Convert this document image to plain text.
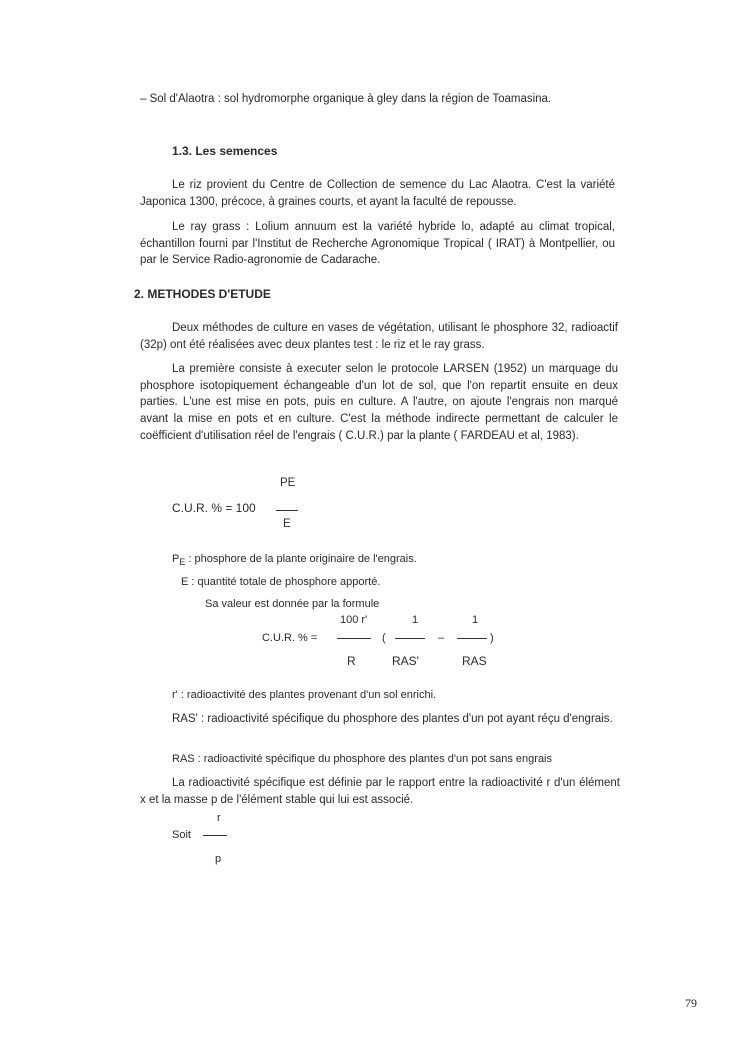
– Sol d'Alaotra : sol hydromorphe organique à gley dans la région de Toamasina.
1.3. Les semences
Le riz provient du Centre de Collection de semence du Lac Alaotra. C'est la variété Japonica 1300, précoce, à graines courts, et ayant la faculté de repousse.
Le ray grass : Lolium annuum est la variété hybride lo, adapté au climat tropical, échantillon fourni par l'Institut de Recherche Agronomique Tropical ( IRAT) à Montpellier, ou par le Service Radio-agronomie de Cadarache.
2. METHODES D'ETUDE
Deux méthodes de culture en vases de végétation, utilisant le phosphore 32, radioactif (32p) ont été réalisées avec deux plantes test : le riz et le ray grass.
La première consiste à executer selon le protocole LARSEN (1952) un marquage du phosphore isotopiquement échangeable d'un lot de sol, que l'on repartit ensuite en deux parties. L'une est mise en pots, puis en culture. A l'autre, on ajoute l'engrais non marqué avant la mise en pots et en culture. C'est la méthode indirecte permettant de calculer le coëfficient d'utilisation réel de l'engrais ( C.U.R.) par la plante ( FARDEAU et al, 1983).
PE
C.U.R. % = 100
E
$P_E$ : phosphore de la plante originaire de l'engrais.
E : quantité totale de phosphore apporté.
Sa valeur est donnée par la formule
100 r'	1	1
C.U.R. % =	(	–	)
R	RAS'	RAS
r' : radioactivité des plantes provenant d'un sol enrichi.
RAS' : radioactivité spécifique du phosphore des plantes d'un pot ayant réçu d'engrais.
RAS : radioactivité spécifique du phosphore des plantes d'un pot sans engrais
La radioactivité spécifique est définie par le rapport entre la radioactivité r d'un élément x et la masse p de l'élément stable qui lui est associé.
r
Soit
p
79
